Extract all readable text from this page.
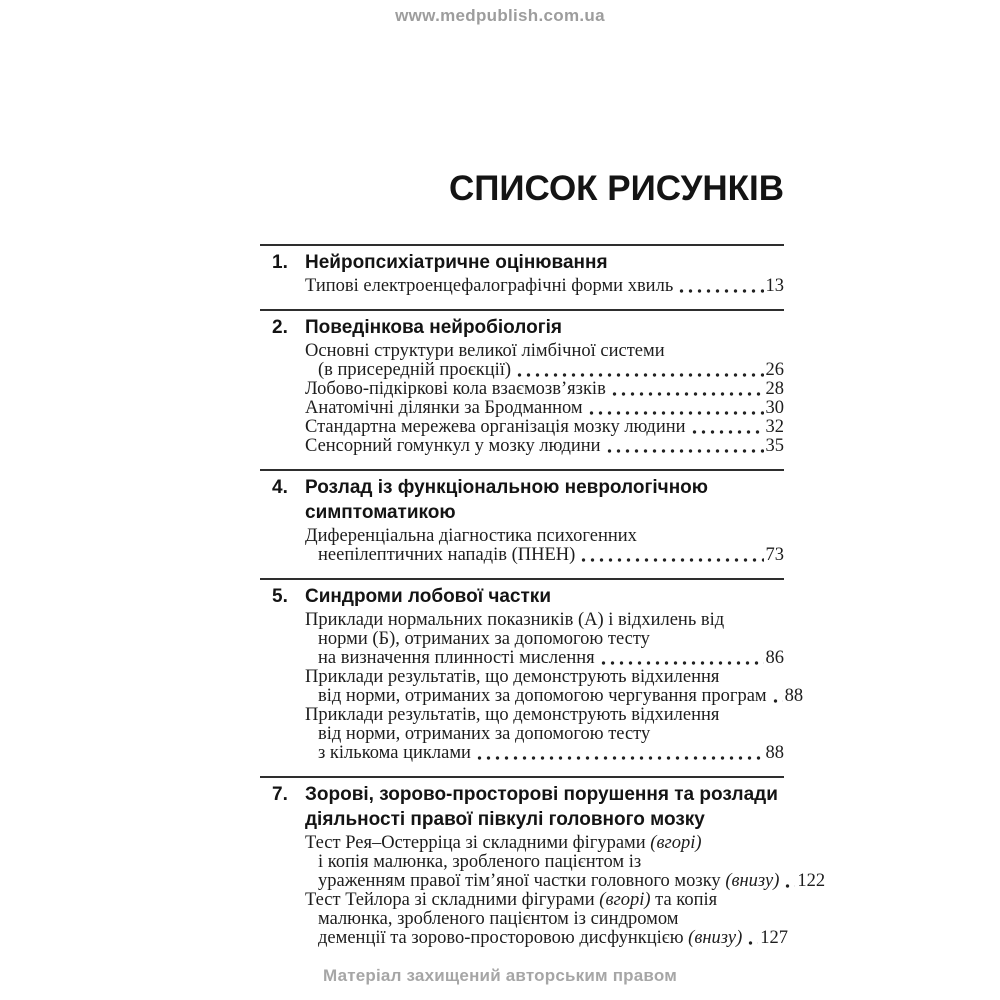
www.medpublish.com.ua
СПИСОК РИСУНКІВ
1. Нейропсихіатричне оцінювання
Типові електроенцефалографічні форми хвиль	13
2. Поведінкова нейробіологія
Основні структури великої лімбічної системи
(в присередній проєкції)	26
Лобово-підкіркові кола взаємозв’язків	28
Анатомічні ділянки за Бродманном	30
Стандартна мережева організація мозку людини	32
Сенсорний гомункул у мозку людини	35
4. Розлад із функціональною неврологічною
симптоматикою
Диференціальна діагностика психогенних
неепілептичних нападів (ПНЕН)	73
5. Синдроми лобової частки
Приклади нормальних показників (А) і відхилень від
норми (Б), отриманих за допомогою тесту
на визначення плинності мислення	86
Приклади результатів, що демонструють відхилення
від норми, отриманих за допомогою чергування програм 88
Приклади результатів, що демонструють відхилення
від норми, отриманих за допомогою тесту
з кількома циклами	88
7. Зорові, зорово-просторові порушення та розлади
діяльності правої півкулі головного мозку
Тест Рея–Остерріца зі складними фігурами (вгорі)
і копія малюнка, зробленого пацієнтом із
ураженням правої тім’яної частки головного мозку (внизу) 122
Тест Тейлора зі складними фігурами (вгорі) та копія
малюнка, зробленого пацієнтом із синдромом
деменції та зорово-просторовою дисфункцією (внизу) 127
Матеріал захищений авторським правом
